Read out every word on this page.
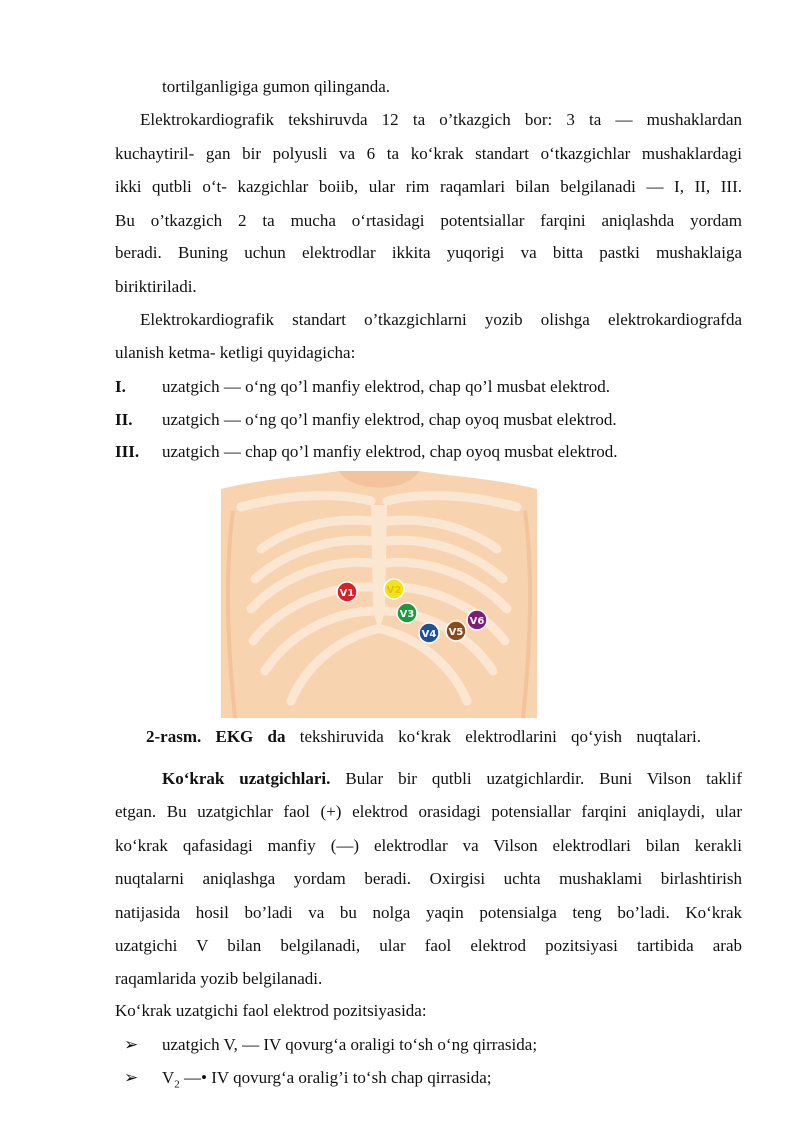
tortilganligiga gumon qilinganda.
Elektrokardiografik tekshiruvda 12 ta o’tkazgich bor: 3 ta — mushaklardan
kuchaytiril- gan bir polyusli va 6 ta ko‘krak standart o‘tkazgichlar mushaklardagi
ikki qutbli o‘t- kazgichlar boiib, ular rim raqamlari bilan belgilanadi — I, II, III.
Bu o’tkazgich 2 ta mucha o‘rtasidagi potentsiallar farqini aniqlashda yordam
beradi. Buning uchun elektrodlar ikkita yuqorigi va bitta pastki mushaklaiga
biriktiriladi.
Elektrokardiografik standart o’tkazgichlarni yozib olishga elektrokardiografda
ulanish ketma- ketligi quyidagicha:
I.	uzatgich — o‘ng qo’l manfiy elektrod, chap qo’l musbat elektrod.
II.	uzatgich — o‘ng qo’l manfiy elektrod, chap oyoq musbat elektrod.
III.	uzatgich — chap qo’l manfiy elektrod, chap oyoq musbat elektrod.
V1	V2
V3
V4 V5
V6
2-rasm. EKG da tekshiruvida ko‘krak elektrodlarini qo‘yish nuqtalari.
Ko‘krak uzatgichlari. Bular bir qutbli uzatgichlardir. Buni Vilson taklif
etgan. Bu uzatgichlar faol (+) elektrod orasidagi potensiallar farqini aniqlaydi, ular
ko‘krak qafasidagi manfiy (—) elektrodlar va Vilson elektrodlari bilan kerakli
nuqtalarni aniqlashga yordam beradi. Oxirgisi uchta mushaklami birlashtirish
natijasida hosil bo’ladi va bu nolga yaqin potensialga teng bo’ladi. Ko‘krak
uzatgichi V bilan belgilanadi, ular faol elektrod pozitsiyasi tartibida arab
raqamlarida yozib belgilanadi.
Ko‘krak uzatgichi faol elektrod pozitsiyasida:
➢ uzatgich V, — IV qovurg‘a oraligi to‘sh o‘ng qirrasida;
➢ $V_2$ —• IV qovurg‘a oralig’i to‘sh chap qirrasida;
